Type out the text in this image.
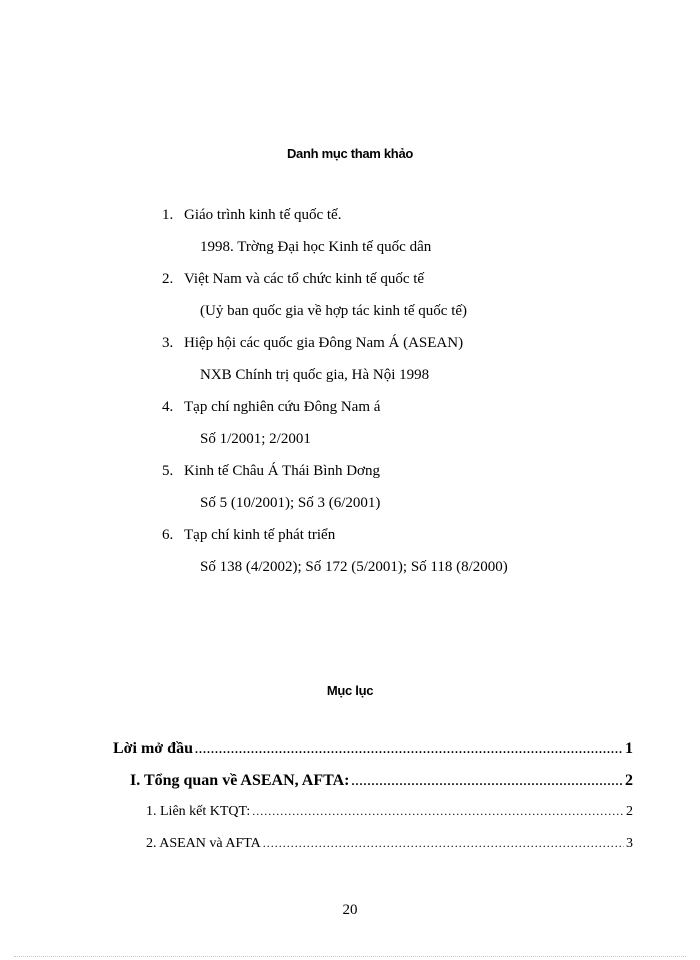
Danh mục tham khảo
1. Giáo trình kinh tế quốc tế.
1998. Trờng Đại học Kinh tế quốc dân
2. Việt Nam và các tổ chức kinh tế quốc tế
(Uỷ ban quốc gia về hợp tác kinh tế quốc tế)
3. Hiệp hội các quốc gia Đông Nam Á (ASEAN)
NXB Chính trị quốc gia, Hà Nội 1998
4. Tạp chí nghiên cứu Đông Nam á
Số 1/2001; 2/2001
5. Kinh tế Châu Á Thái Bình Dơng
Số 5 (10/2001); Số 3 (6/2001)
6. Tạp chí kinh tế phát triển
Số 138 (4/2002); Số 172 (5/2001); Số 118 (8/2000)
Mục lục
Lời mở đầu .....	1
I. Tổng quan về ASEAN, AFTA: .....	2
1. Liên kết KTQT: .....	2
2. ASEAN và AFTA .....	3
20
